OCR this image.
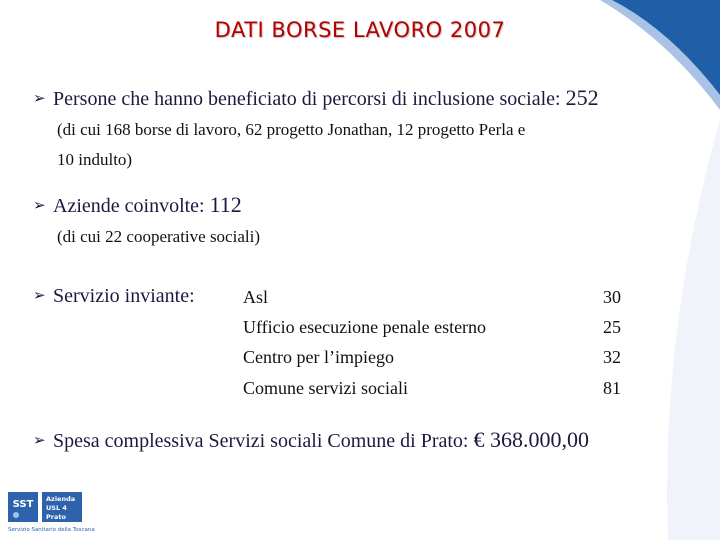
DATI BORSE LAVORO 2007
➢ Persone che hanno beneficiato di percorsi di inclusione sociale: 252
(di cui 168 borse di lavoro, 62 progetto Jonathan, 12 progetto Perla e
10 indulto)
➢ Aziende coinvolte: 112
(di cui 22 cooperative sociali)
➢ Servizio inviante:	Asl	30
Ufficio esecuzione penale esterno	25
Centro per l’impiego	32
Comune servizi sociali	81
➢ Spesa complessiva Servizi sociali Comune di Prato: € 368.000,00
SST Azienda
USL 4
Prato
Servizio Sanitario della Toscana
